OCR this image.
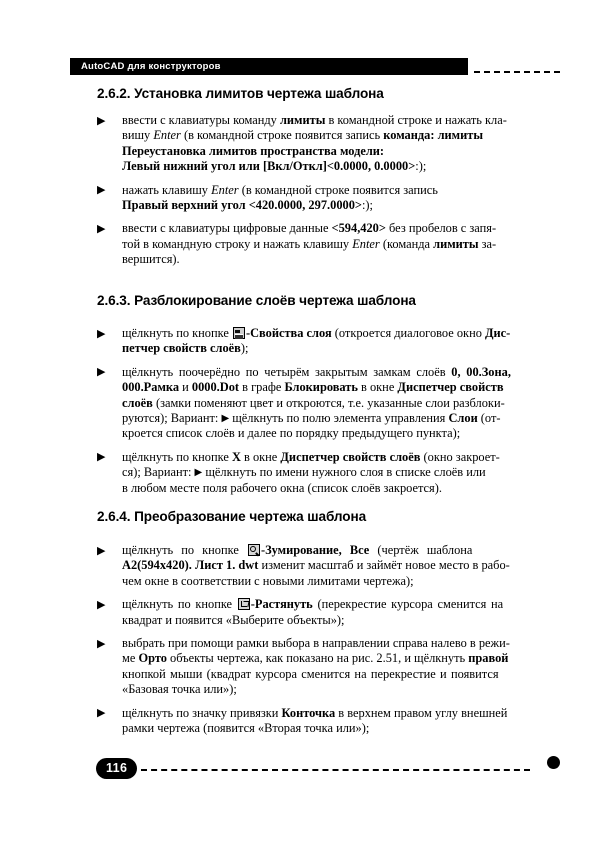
AutoCAD для конструкторов
2.6.2. Установка лимитов чертежа шаблона
▶ ввести с клавиатуры команду лимиты в командной строке и нажать кла-
вишу Enter (в командной строке появится запись команда: лимиты

Переустановка лимитов пространства модели:
Левый нижний угол или [Вкл/Откл]<0.0000, 0.0000>:);

▶ нажать клавишу Enter (в командной строке появится запись

Правый верхний угол <420.0000, 297.0000>:);

▶ ввести с клавиатуры цифровые данные <594,420> без пробелов с запя-
той в командную строку и нажать клавишу Enter (команда лимиты за-
вершится).

2.6.3. Разблокирование слоёв чертежа шаблона
▶ щёлкнуть по кнопке -Свойства слоя (откроется диалоговое окно Дис-

петчер свойств слоёв);

▶ щёлкнуть поочерёдно по четырём закрытым замкам слоёв 0, 00.Зона,
000.Рамка и 0000.Dot в графе Блокировать в окне Диспетчер свойств
слоёв (замки поменяют цвет и откроются, т.е. указанные слои разблоки-
руются); Вариант: ▶ щёлкнуть по полю элемента управления Слои (от-
кроется список слоёв и далее по порядку предыдущего пункта);

▶ щёлкнуть по кнопке X в окне Диспетчер свойств слоёв (окно закроет-
ся); Вариант: ▶ щёлкнуть по имени нужного слоя в списке слоёв или
в любом месте поля рабочего окна (список слоёв закроется).

2.6.4. Преобразование чертежа шаблона
▶ щёлкнуть по кнопке -Зумирование, Все (чертёж шаблона
А2(594х420). Лист 1. dwt изменит масштаб и займёт новое место в рабо-
чем окне в соответствии с новыми лимитами чертежа);

▶ щёлкнуть по кнопке -Растянуть (перекрестие курсора сменится на
квадрат и появится «Выберите объекты»);

▶ выбрать при помощи рамки выбора в направлении справа налево в режи-
ме Орто объекты чертежа, как показано на рис. 2.51, и щёлкнуть правой
кнопкой мыши (квадрат курсора сменится на перекрестие и появится
«Базовая точка или»);

▶ щёлкнуть по значку привязки Конточка в верхнем правом углу внешней
рамки чертежа (появится «Вторая точка или»);

116
